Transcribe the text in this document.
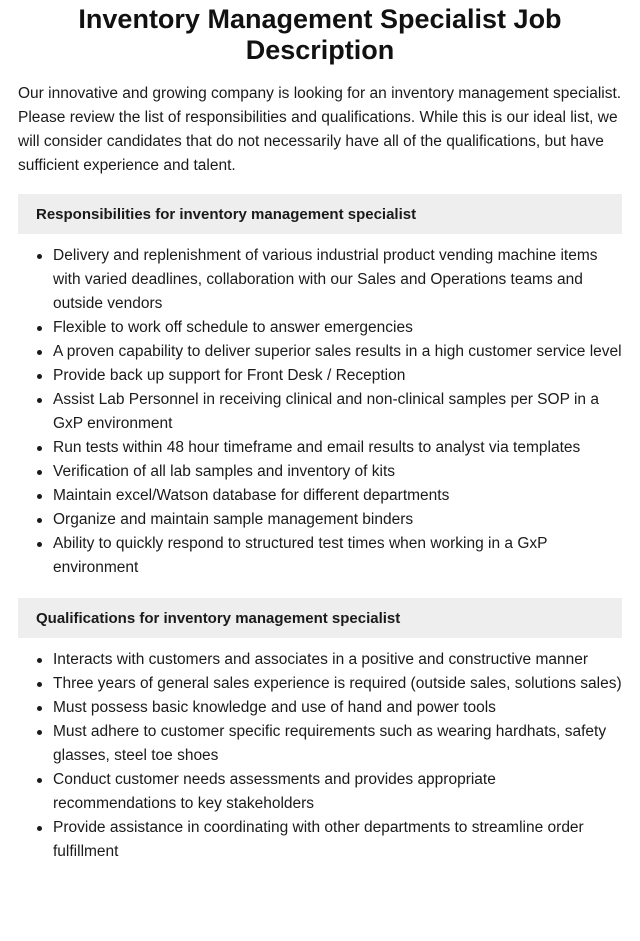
Inventory Management Specialist Job Description

Our innovative and growing company is looking for an inventory management specialist. Please review the list of responsibilities and qualifications. While this is our ideal list, we will consider candidates that do not necessarily have all of the qualifications, but have sufficient experience and talent.

Responsibilities for inventory management specialist
Delivery and replenishment of various industrial product vending machine items with varied deadlines, collaboration with our Sales and Operations teams and outside vendors
Flexible to work off schedule to answer emergencies
A proven capability to deliver superior sales results in a high customer service level
Provide back up support for Front Desk / Reception
Assist Lab Personnel in receiving clinical and non-clinical samples per SOP in a GxP environment
Run tests within 48 hour timeframe and email results to analyst via templates
Verification of all lab samples and inventory of kits
Maintain excel/Watson database for different departments
Organize and maintain sample management binders
Ability to quickly respond to structured test times when working in a GxP environment
Qualifications for inventory management specialist
Interacts with customers and associates in a positive and constructive manner
Three years of general sales experience is required (outside sales, solutions sales)
Must possess basic knowledge and use of hand and power tools
Must adhere to customer specific requirements such as wearing hardhats, safety glasses, steel toe shoes
Conduct customer needs assessments and provides appropriate recommendations to key stakeholders
Provide assistance in coordinating with other departments to streamline order fulfillment
